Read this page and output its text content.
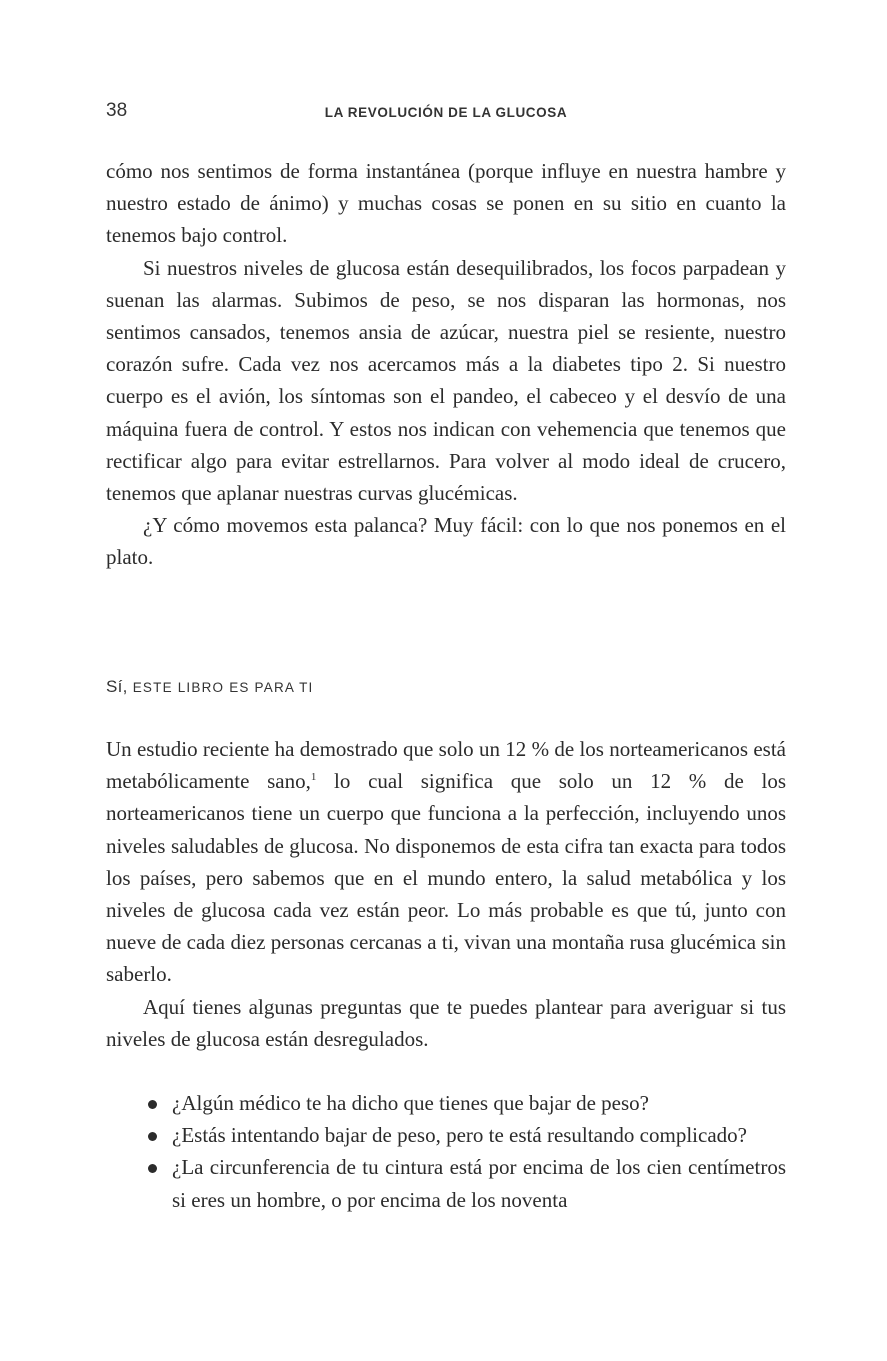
38	LA REVOLUCIÓN DE LA GLUCOSA

cómo nos sentimos de forma instantánea (porque influye en nuestra hambre y nuestro estado de ánimo) y muchas cosas se ponen en su sitio en cuanto la tenemos bajo control.

Si nuestros niveles de glucosa están desequilibrados, los focos parpadean y suenan las alarmas. Subimos de peso, se nos disparan las hormonas, nos sentimos cansados, tenemos ansia de azúcar, nuestra piel se resiente, nuestro corazón sufre. Cada vez nos acercamos más a la diabetes tipo 2. Si nuestro cuerpo es el avión, los síntomas son el pandeo, el cabeceo y el desvío de una máquina fuera de control. Y estos nos indican con vehemencia que tenemos que rectificar algo para evitar estrellarnos. Para volver al modo ideal de crucero, tenemos que aplanar nuestras curvas glucémicas.

¿Y cómo movemos esta palanca? Muy fácil: con lo que nos ponemos en el plato.

Sí, ESTE LIBRO ES PARA TI

Un estudio reciente ha demostrado que solo un 12 % de los norteamericanos está metabólicamente sano,$^1$ lo cual significa que solo un 12 % de los norteamericanos tiene un cuerpo que funciona a la perfección, incluyendo unos niveles saludables de glucosa. No disponemos de esta cifra tan exacta para todos los países, pero sabemos que en el mundo entero, la salud metabólica y los niveles de glucosa cada vez están peor. Lo más probable es que tú, junto con nueve de cada diez personas cercanas a ti, vivan una montaña rusa glucémica sin saberlo.

Aquí tienes algunas preguntas que te puedes plantear para averiguar si tus niveles de glucosa están desregulados.

¿Algún médico te ha dicho que tienes que bajar de peso?
¿Estás intentando bajar de peso, pero te está resultando complicado?
¿La circunferencia de tu cintura está por encima de los cien centímetros si eres un hombre, o por encima de los noventa
